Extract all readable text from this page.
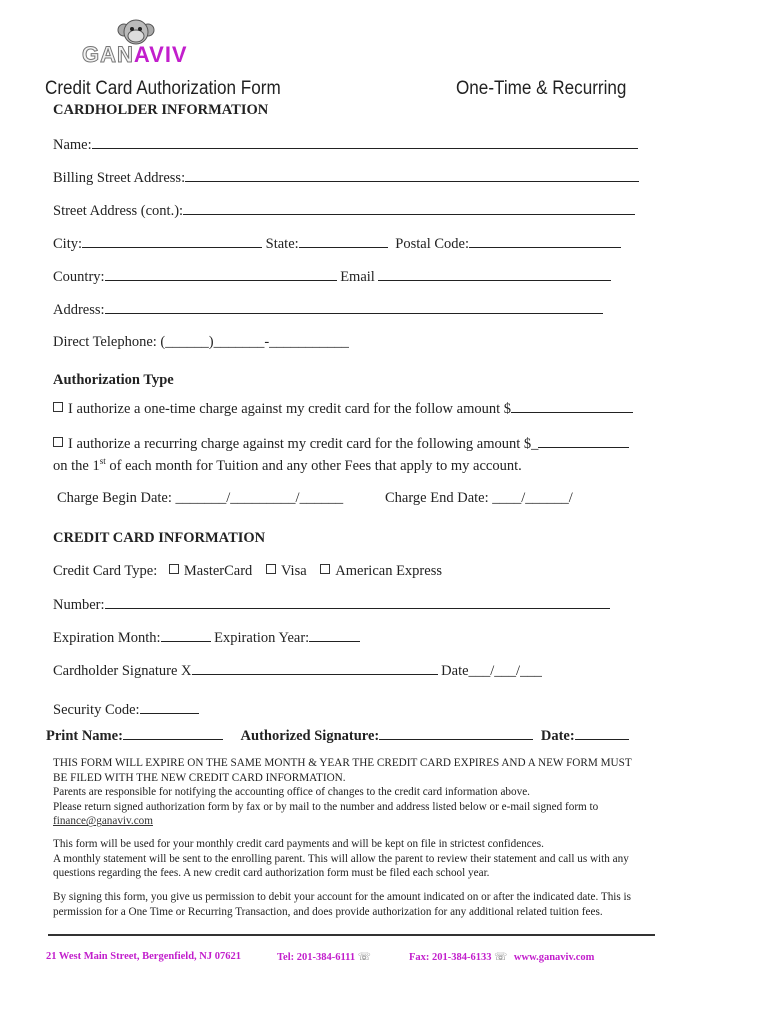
GANAVIV
Credit Card Authorization Form	One-Time & Recurring
CARDHOLDER INFORMATION
Name:
Billing Street Address:
Street Address (cont.):
City:	State:	Postal Code:
Country:	Email
Address:
Direct Telephone: (______)_______-___________
Authorization Type
I authorize a one-time charge against my credit card for the follow amount $
I authorize a recurring charge against my credit card for the following amount $_
on the 1st of each month for Tuition and any other Fees that apply to my account.
Charge Begin Date: _______/_________/______	Charge End Date: ____/______/
CREDIT CARD INFORMATION
Credit Card Type: MasterCard Visa American Express
Number:
Expiration Month:	Expiration Year:
Cardholder Signature X	Date___/___/___
Security Code:
Print Name:	Authorized Signature:	Date:
THIS FORM WILL EXPIRE ON THE SAME MONTH & YEAR THE CREDIT CARD EXPIRES AND A NEW FORM MUST BE FILED WITH THE NEW CREDIT CARD INFORMATION.
Parents are responsible for notifying the accounting office of changes to the credit card information above.
Please return signed authorization form by fax or by mail to the number and address listed below or e-mail signed form to
finance@ganaviv.com
This form will be used for your monthly credit card payments and will be kept on file in strictest confidences.
A monthly statement will be sent to the enrolling parent. This will allow the parent to review their statement and call us with any questions regarding the fees. A new credit card authorization form must be filed each school year.
By signing this form, you give us permission to debit your account for the amount indicated on or after the indicated date. This is permission for a One Time or Recurring Transaction, and does provide authorization for any additional related tuition fees.
21 West Main Street, Bergenfield, NJ 07621	Tel: 201-384-6111 ☏	Fax: 201-384-6133 ☏ www.ganaviv.com
